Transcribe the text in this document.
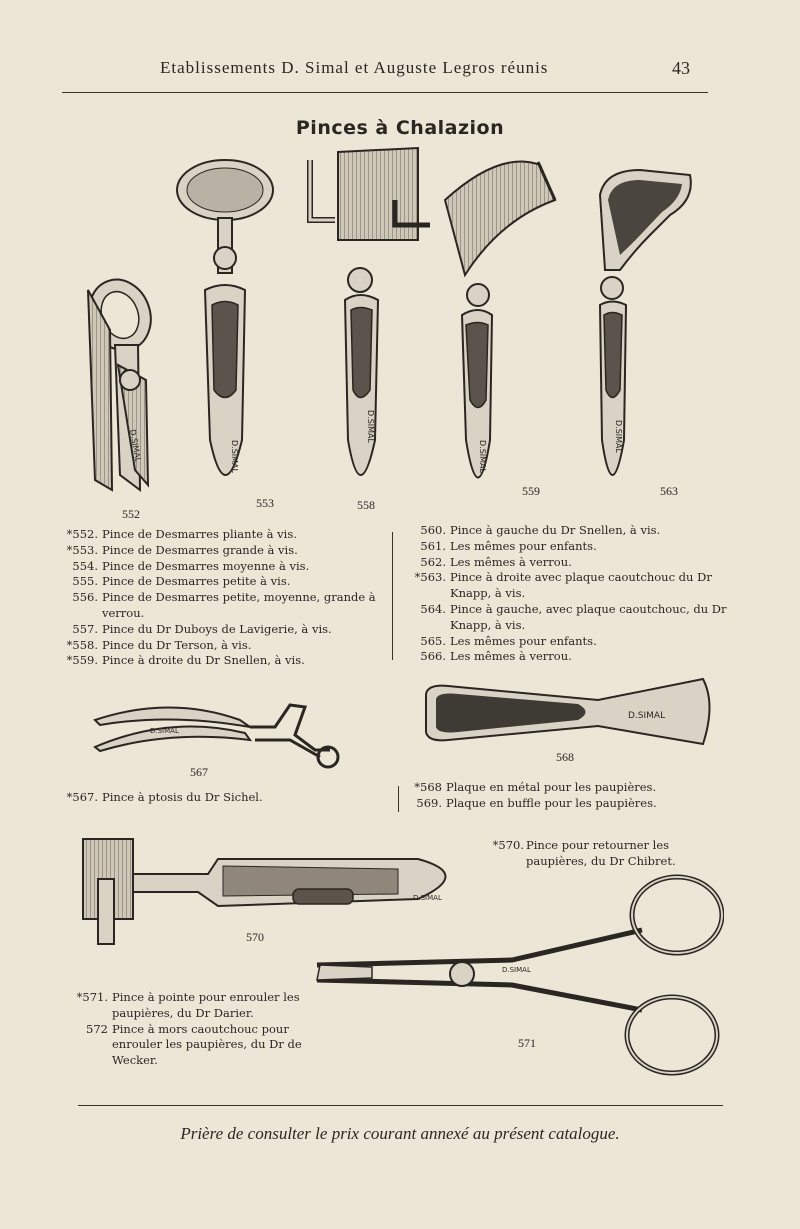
Etablissements D. Simal et Auguste Legros réunis	43
Pinces à Chalazion
D.SIMAL	D.SIMAL
D.SIMAL
D.SIMAL
D.SIMAL
552
553	558
559	563
*552. Pince de Desmarres pliante à vis.
*553. Pince de Desmarres grande à vis.
554. Pince de Desmarres moyenne à vis.
555. Pince de Desmarres petite à vis.
556. Pince de Desmarres petite, moyenne, grande à verrou.
557. Pince du Dr Duboys de Lavigerie, à vis.
*558. Pince du Dr Terson, à vis.
*559. Pince à droite du Dr Snellen, à vis.
560. Pince à gauche du Dr Snellen, à vis.
561. Les mêmes pour enfants.
562. Les mêmes à verrou.
*563. Pince à droite avec plaque caoutchouc du Dr Knapp, à vis.
564. Pince à gauche, avec plaque caoutchouc, du Dr Knapp, à vis.
565. Les mêmes pour enfants.
566. Les mêmes à verrou.
D.SIMAL
567
*567. Pince à ptosis du Dr Sichel.
D.SIMAL
568
*568 Plaque en métal pour les paupières.
569. Plaque en buffle pour les paupières.
*570. Pince pour retourner les paupières, du Dr Chibret.
D.SIMAL
570
D.SIMAL
571
*571. Pince à pointe pour enrouler les paupières, du Dr Darier.
572 Pince à mors caoutchouc pour enrouler les paupières, du Dr de Wecker.
Prière de consulter le prix courant annexé au présent catalogue.
